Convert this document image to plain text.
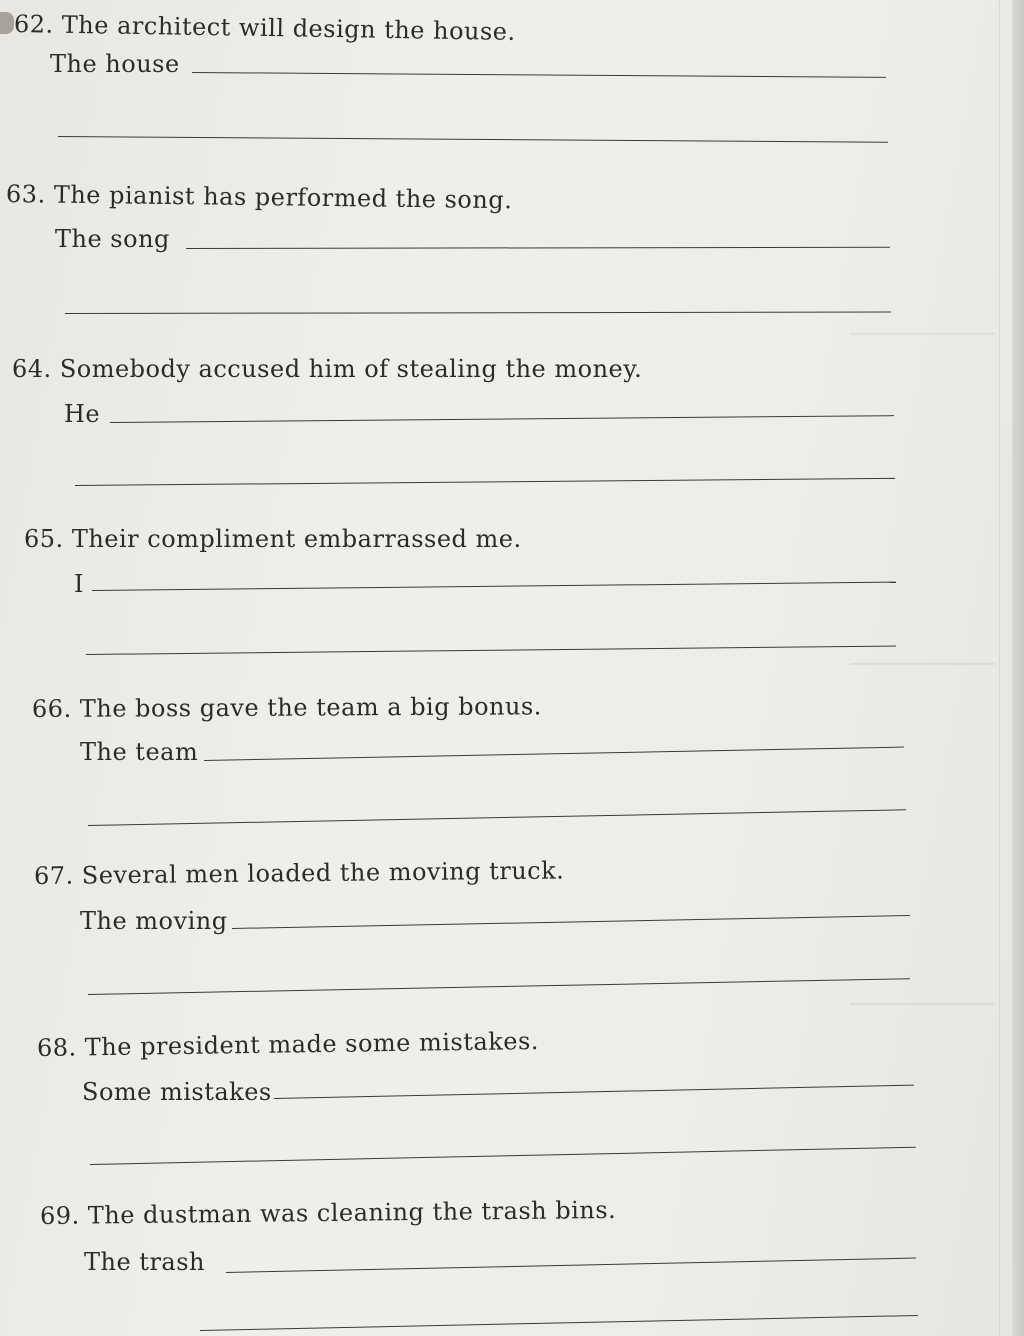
──────────
──────────
──────────
62. The architect will design the house.
The house
63. The pianist has performed the song.
The song
64. Somebody accused him of stealing the money.
He
65. Their compliment embarrassed me.
I
66. The boss gave the team a big bonus.
The team
67. Several men loaded the moving truck.
The moving
68. The president made some mistakes.
Some mistakes
69. The dustman was cleaning the trash bins.
The trash
